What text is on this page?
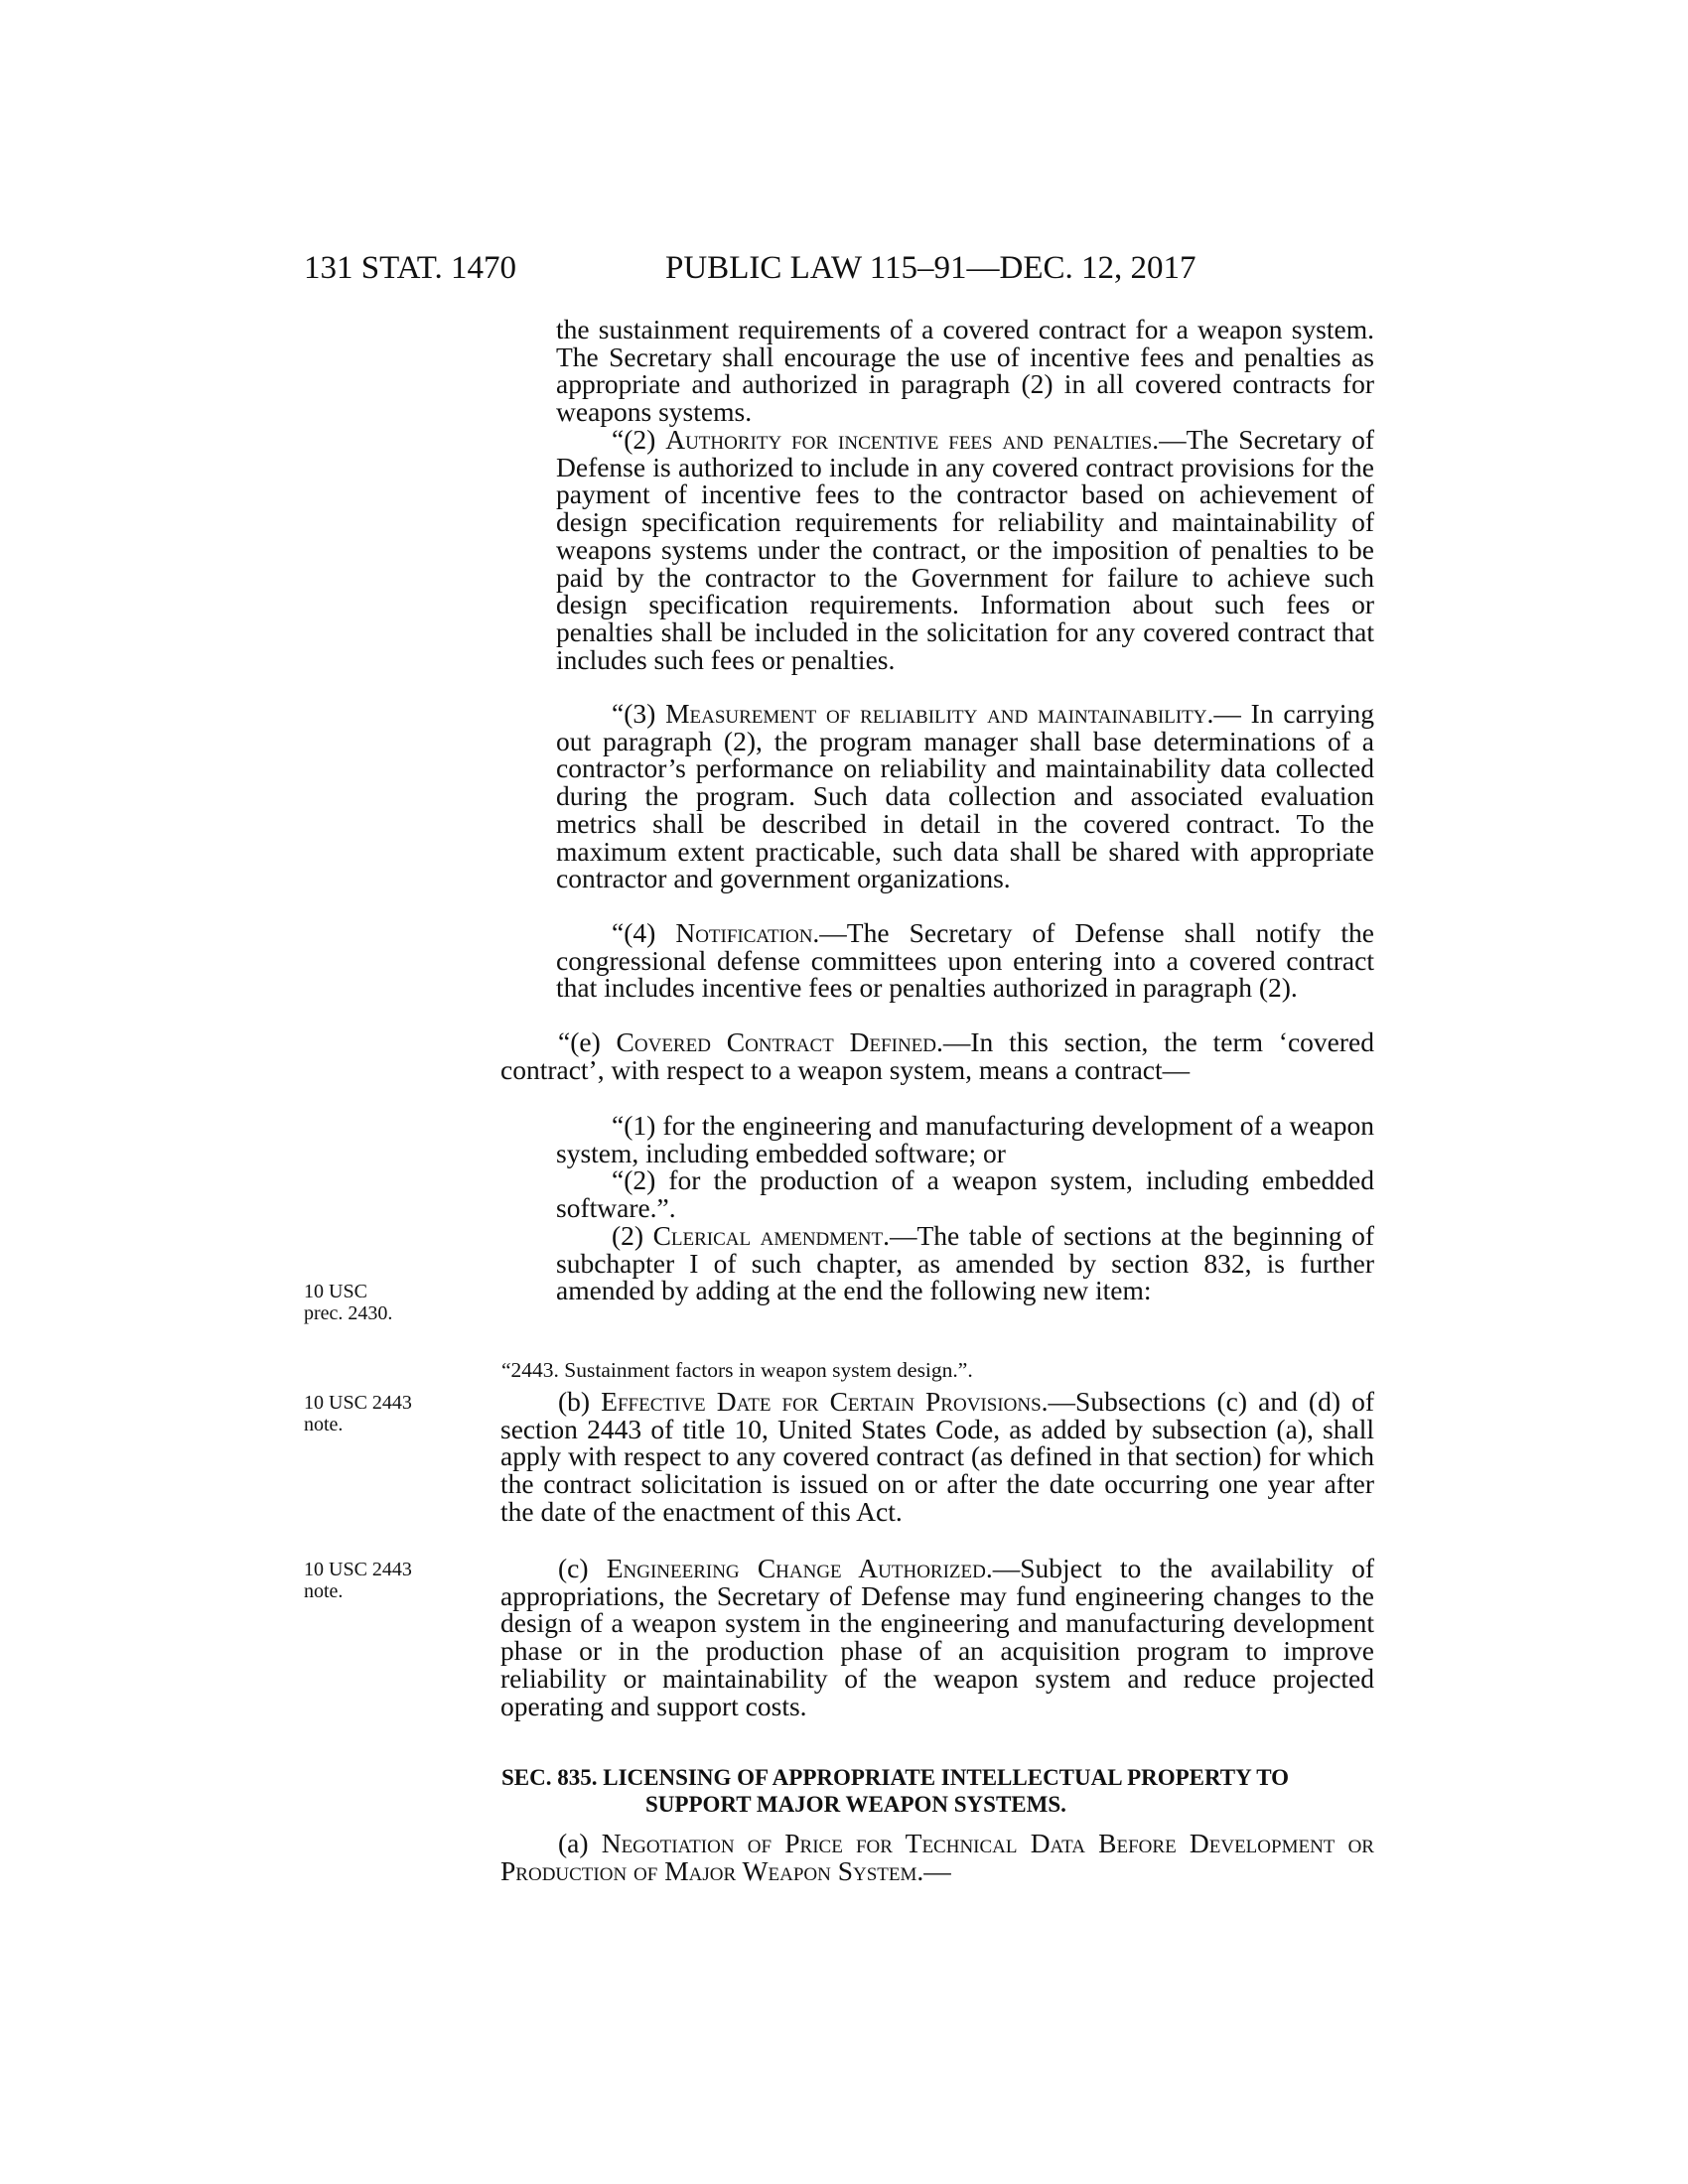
131 STAT. 1470	PUBLIC LAW 115–91—DEC. 12, 2017

the sustainment requirements of a covered contract for a weapon system. The Secretary shall encourage the use of incentive fees and penalties as appropriate and authorized in paragraph (2) in all covered contracts for weapons systems.

“(2) Authority for incentive fees and penalties.—The Secretary of Defense is authorized to include in any covered contract provisions for the payment of incentive fees to the contractor based on achievement of design specification requirements for reliability and maintainability of weapons systems under the contract, or the imposition of penalties to be paid by the contractor to the Government for failure to achieve such design specification requirements. Information about such fees or penalties shall be included in the solicitation for any covered contract that includes such fees or penalties.

“(3) Measurement of reliability and maintainability.— In carrying out paragraph (2), the program manager shall base determinations of a contractor’s performance on reliability and maintainability data collected during the program. Such data collection and associated evaluation metrics shall be described in detail in the covered contract. To the maximum extent practicable, such data shall be shared with appropriate contractor and government organizations.

“(4) Notification.—The Secretary of Defense shall notify the congressional defense committees upon entering into a covered contract that includes incentive fees or penalties authorized in paragraph (2).

“(e) Covered Contract Defined.—In this section, the term ‘covered contract’, with respect to a weapon system, means a contract—

“(1) for the engineering and manufacturing development of a weapon system, including embedded software; or

“(2) for the production of a weapon system, including embedded software.”.

(2) Clerical amendment.—The table of sections at the beginning of subchapter I of such chapter, as amended by section 832, is further amended by adding at the end the following new item:

“2443. Sustainment factors in weapon system design.”.

(b) Effective Date for Certain Provisions.—Subsections (c) and (d) of section 2443 of title 10, United States Code, as added by subsection (a), shall apply with respect to any covered contract (as defined in that section) for which the contract solicitation is issued on or after the date occurring one year after the date of the enactment of this Act.

(c) Engineering Change Authorized.—Subject to the availability of appropriations, the Secretary of Defense may fund engineering changes to the design of a weapon system in the engineering and manufacturing development phase or in the production phase of an acquisition program to improve reliability or maintainability of the weapon system and reduce projected operating and support costs.

SEC. 835. LICENSING OF APPROPRIATE INTELLECTUAL PROPERTY TO
SUPPORT MAJOR WEAPON SYSTEMS.

(a) Negotiation of Price for Technical Data Before Development or Production of Major Weapon System.—

10 USC
prec. 2430.
10 USC 2443
note.
10 USC 2443
note.
